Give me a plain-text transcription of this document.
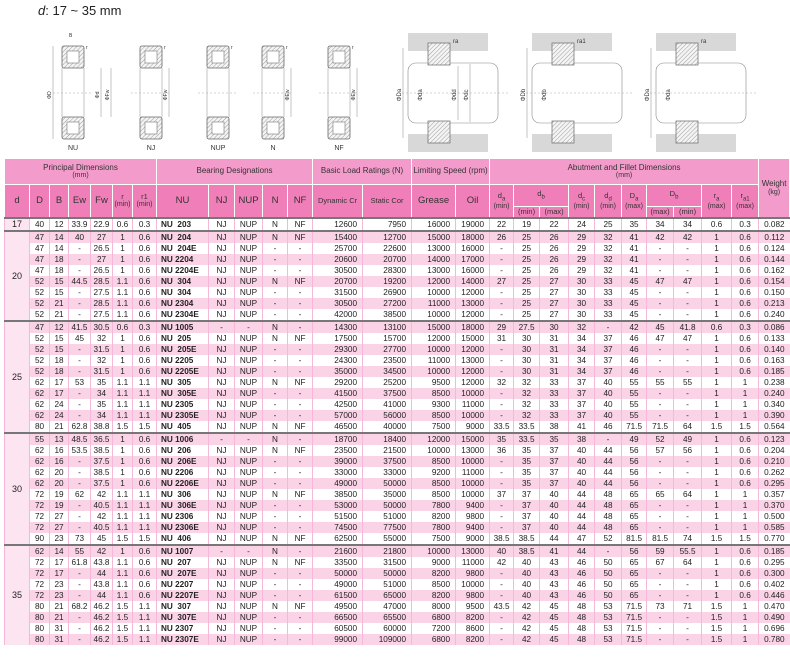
d: 17 ~ 35 mm
NU
r
ΦD	Φd ΦFw
NJ
r
ΦFw
NUP
r
N
r
ΦEw
NF
r
ΦEw
B
ΦDa	Φda
ra
Φdd Φdc	ΦDb	Φdb
ra1
ΦDa	Φda
ra
Principal Dimensions
(mm)							Bearing Designations					Basic Load Ratings (N)		Limiting Speed (rpm)		Abutment and Fillet Dimensions
(mm)										Weight
(kg)

d	D	B	Ew	Fw	r
(min)	r1
(min)	NU	NJ	NUP	N	NF	Dynamic Cr	Static Cor	Grease	Oil	$d_a$
(min)	$d_b$		$d_c$
(min)	$d_d$
(min)	$D_a$
(max)	$D_b$		$r_a$
(max)	$r_{a1}$
(max)	

																	(min)	(max)				(max)	(min)			
17	40	12	33.9	22.9	0.6	0.3	NU  203	NJ	NUP	N	NF	12600	7950	16000	19000	22	19	22	24	25	35	34	34	0.6	0.3	0.082
20	47	14	40	27	1	0.6	NU  204	NJ	NUP	N	NF	15400	12700	15000	18000	26	25	26	29	32	41	42	42	1	0.6	0.112
	47	14	-	26.5	1	0.6	NU  204E	NJ	NUP	-	-	25700	22600	13000	16000	-	25	26	29	32	41	-	-	1	0.6	0.124
	47	18	-	27	1	0.6	NU 2204	NJ	NUP	-	-	20600	20700	14000	17000	-	25	26	29	32	41	-	-	1	0.6	0.144
	47	18	-	26.5	1	0.6	NU 2204E	NJ	NUP	-	-	30500	28300	13000	16000	-	25	26	29	32	41	-	-	1	0.6	0.162
	52	15	44.5	28.5	1.1	0.6	NU  304	NJ	NUP	N	NF	20700	19200	12000	14000	27	25	27	30	33	45	47	47	1	0.6	0.154
	52	15	-	27.5	1.1	0.6	NU  304	NJ	NUP	-	-	31500	26900	10000	12000	-	25	27	30	33	45	-	-	1	0.6	0.150
	52	21	-	28.5	1.1	0.6	NU 2304	NJ	NUP	-	-	30500	27200	11000	13000	-	25	27	30	33	45	-	-	1	0.6	0.213
	52	21	-	27.5	1.1	0.6	NU 2304E	NJ	NUP	-	-	42000	38500	10000	12000	-	25	27	30	33	45	-	-	1	0.6	0.240
25	47	12	41.5	30.5	0.6	0.3	NU 1005	-	-	N	-	14300	13100	15000	18000	29	27.5	30	32	-	42	45	41.8	0.6	0.3	0.086
	52	15	45	32	1	0.6	NU  205	NJ	NUP	N	NF	17500	15700	12000	15000	31	30	31	34	37	46	47	47	1	0.6	0.133
	52	15	-	31.5	1	0.6	NU  205E	NJ	NUP	-	-	29300	27700	10000	12000	-	30	31	34	37	46	-	-	1	0.6	0.140
	52	18	-	32	1	0.6	NU 2205	NJ	NUP	-	-	24300	23500	11000	13000	-	30	31	34	37	46	-	-	1	0.6	0.163
	52	18	-	31.5	1	0.6	NU 2205E	NJ	NUP	-	-	35000	34500	10000	12000	-	30	31	34	37	46	-	-	1	0.6	0.185
	62	17	53	35	1.1	1.1	NU  305	NJ	NUP	N	NF	29200	25200	9500	12000	32	32	33	37	40	55	55	55	1	1	0.238
	62	17	-	34	1.1	1.1	NU  305E	NJ	NUP	-	-	41500	37500	8500	10000	-	32	33	37	40	55	-	-	1	1	0.240
	62	24	-	35	1.1	1.1	NU 2305	NJ	NUP	-	-	42500	41000	9300	11000	-	32	33	37	40	55	-	-	1	1	0.340
	62	24	-	34	1.1	1.1	NU 2305E	NJ	NUP	-	-	57000	56000	8500	10000	-	32	33	37	40	55	-	-	1	1	0.390
	80	21	62.8	38.8	1.5	1.5	NU  405	NJ	NUP	N	NF	46500	40000	7500	9000	33.5	33.5	38	41	46	71.5	71.5	64	1.5	1.5	0.564
30	55	13	48.5	36.5	1	0.6	NU 1006	-	-	N	-	18700	18400	12000	15000	35	33.5	35	38	-	49	52	49	1	0.6	0.123
	62	16	53.5	38.5	1	0.6	NU  206	NJ	NUP	N	NF	23500	21500	10000	13000	36	35	37	40	44	56	57	56	1	0.6	0.204
	62	16	-	37.5	1	0.6	NU  206E	NJ	NUP	-	-	39000	37500	8500	10000	-	35	37	40	44	56	-	-	1	0.6	0.210
	62	20	-	38.5	1	0.6	NU 2206	NJ	NUP	-	-	33000	33000	9200	11000	-	35	37	40	44	56	-	-	1	0.6	0.262
	62	20	-	37.5	1	0.6	NU 2206E	NJ	NUP	-	-	49000	50000	8500	10000	-	35	37	40	44	56	-	-	1	0.6	0.295
	72	19	62	42	1.1	1.1	NU  306	NJ	NUP	N	NF	38500	35000	8500	10000	37	37	40	44	48	65	65	64	1	1	0.357
	72	19	-	40.5	1.1	1.1	NU  306E	NJ	NUP	-	-	53000	50000	7800	9400	-	37	40	44	48	65	-	-	1	1	0.370
	72	27	-	42	1.1	1.1	NU 2306	NJ	NUP	-	-	51500	51000	8200	9800	-	37	40	44	48	65	-	-	1	1	0.500
	72	27	-	40.5	1.1	1.1	NU 2306E	NJ	NUP	-	-	74500	77500	7800	9400	-	37	40	44	48	65	-	-	1	1	0.585
	90	23	73	45	1.5	1.5	NU  406	NJ	NUP	N	NF	62500	55000	7500	9000	38.5	38.5	44	47	52	81.5	81.5	74	1.5	1.5	0.770
35	62	14	55	42	1	0.6	NU 1007	-	-	N	-	21600	21800	10000	13000	40	38.5	41	44	-	56	59	55.5	1	0.6	0.185
	72	17	61.8	43.8	1.1	0.6	NU  207	NJ	NUP	N	NF	33500	31500	9000	11000	42	40	43	46	50	65	67	64	1	0.6	0.295
	72	17	-	44	1.1	0.6	NU  207E	NJ	NUP	-	-	50000	50000	8200	9800	-	40	43	46	50	65	-	-	1	0.6	0.300
	72	23	-	43.8	1.1	0.6	NU 2207	NJ	NUP	-	-	49000	51000	8500	10000	-	40	43	46	50	65	-	-	1	0.6	0.402
	72	23	-	44	1.1	0.6	NU 2207E	NJ	NUP	-	-	61500	65000	8200	9800	-	40	43	46	50	65	-	-	1	0.6	0.446
	80	21	68.2	46.2	1.5	1.1	NU  307	NJ	NUP	N	NF	49500	47000	8000	9500	43.5	42	45	48	53	71.5	73	71	1.5	1	0.470
	80	21	-	46.2	1.5	1.1	NU  307E	NJ	NUP	-	-	66500	65500	6800	8200	-	42	45	48	53	71.5	-	-	1.5	1	0.490
	80	31	-	46.2	1.5	1.1	NU 2307	NJ	NUP	-	-	60500	60000	7200	8600	-	42	45	48	53	71.5	-	-	1.5	1	0.696
	80	31	-	46.2	1.5	1.1	NU 2307E	NJ	NUP	-	-	99000	109000	6800	8200	-	42	45	48	53	71.5	-	-	1.5	1	0.780
